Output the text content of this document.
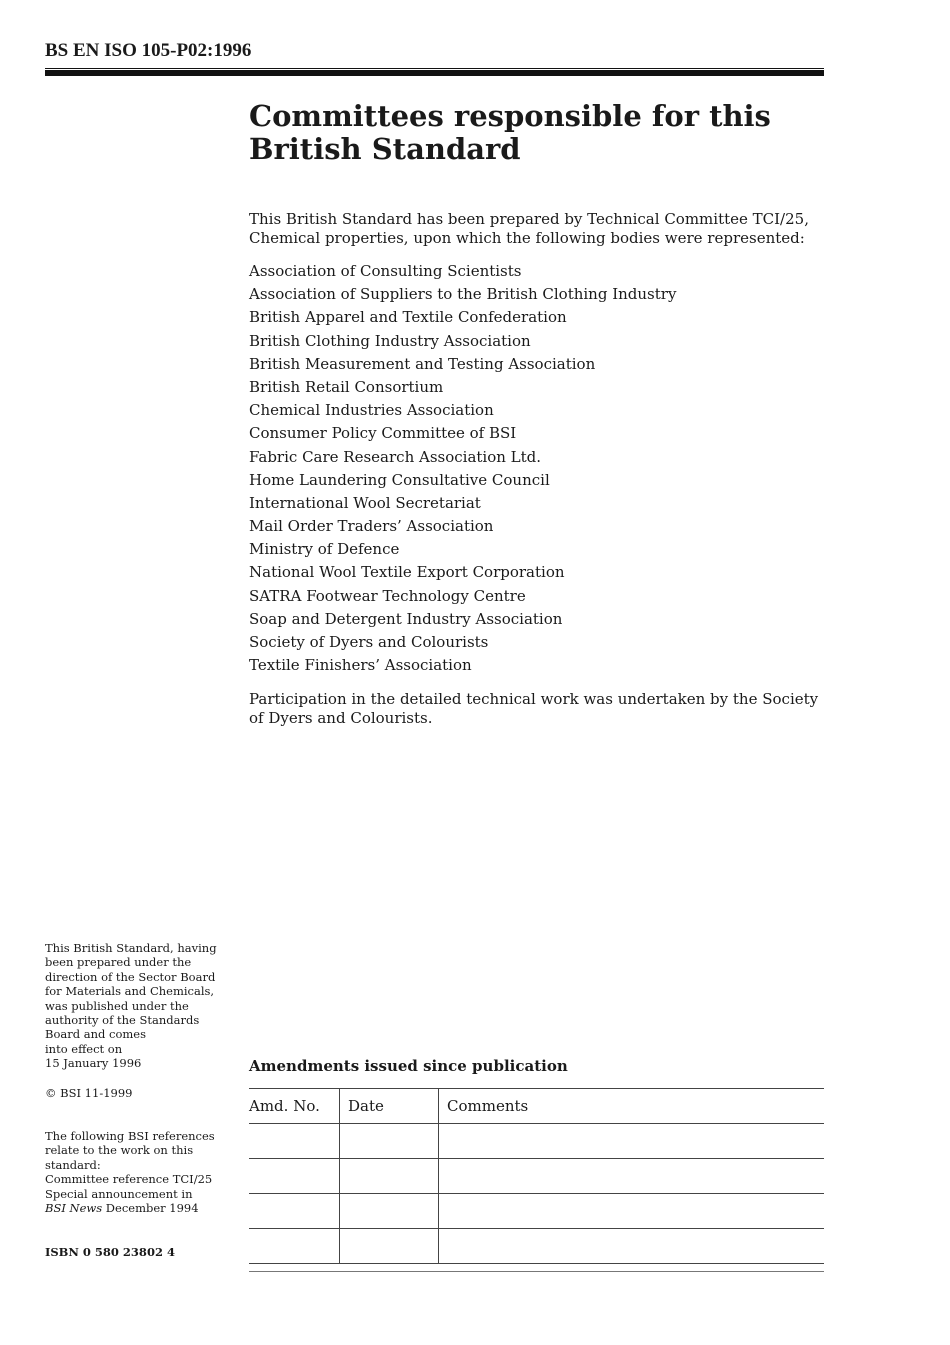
BS EN ISO 105-P02:1996
Committees responsible for this
British Standard
This British Standard has been prepared by Technical Committee TCI/25, Chemical properties, upon which the following bodies were represented:
Association of Consulting Scientists
Association of Suppliers to the British Clothing Industry
British Apparel and Textile Confederation
British Clothing Industry Association
British Measurement and Testing Association
British Retail Consortium
Chemical Industries Association
Consumer Policy Committee of BSI
Fabric Care Research Association Ltd.
Home Laundering Consultative Council
International Wool Secretariat
Mail Order Traders’ Association
Ministry of Defence
National Wool Textile Export Corporation
SATRA Footwear Technology Centre
Soap and Detergent Industry Association
Society of Dyers and Colourists
Textile Finishers’ Association
Participation in the detailed technical work was undertaken by the Society of Dyers and Colourists.

This British Standard, having

been prepared under the

direction of the Sector Board

for Materials and Chemicals,

was published under the

authority of the Standards

Board and comes

into effect on

15 January 1996

© BSI 11-1999

The following BSI references

relate to the work on this

standard:

Committee reference TCI/25

Special announcement in

BSI News December 1994

ISBN 0 580 23802 4
Amendments issued since publication
Amd. No.	Date	Comments
